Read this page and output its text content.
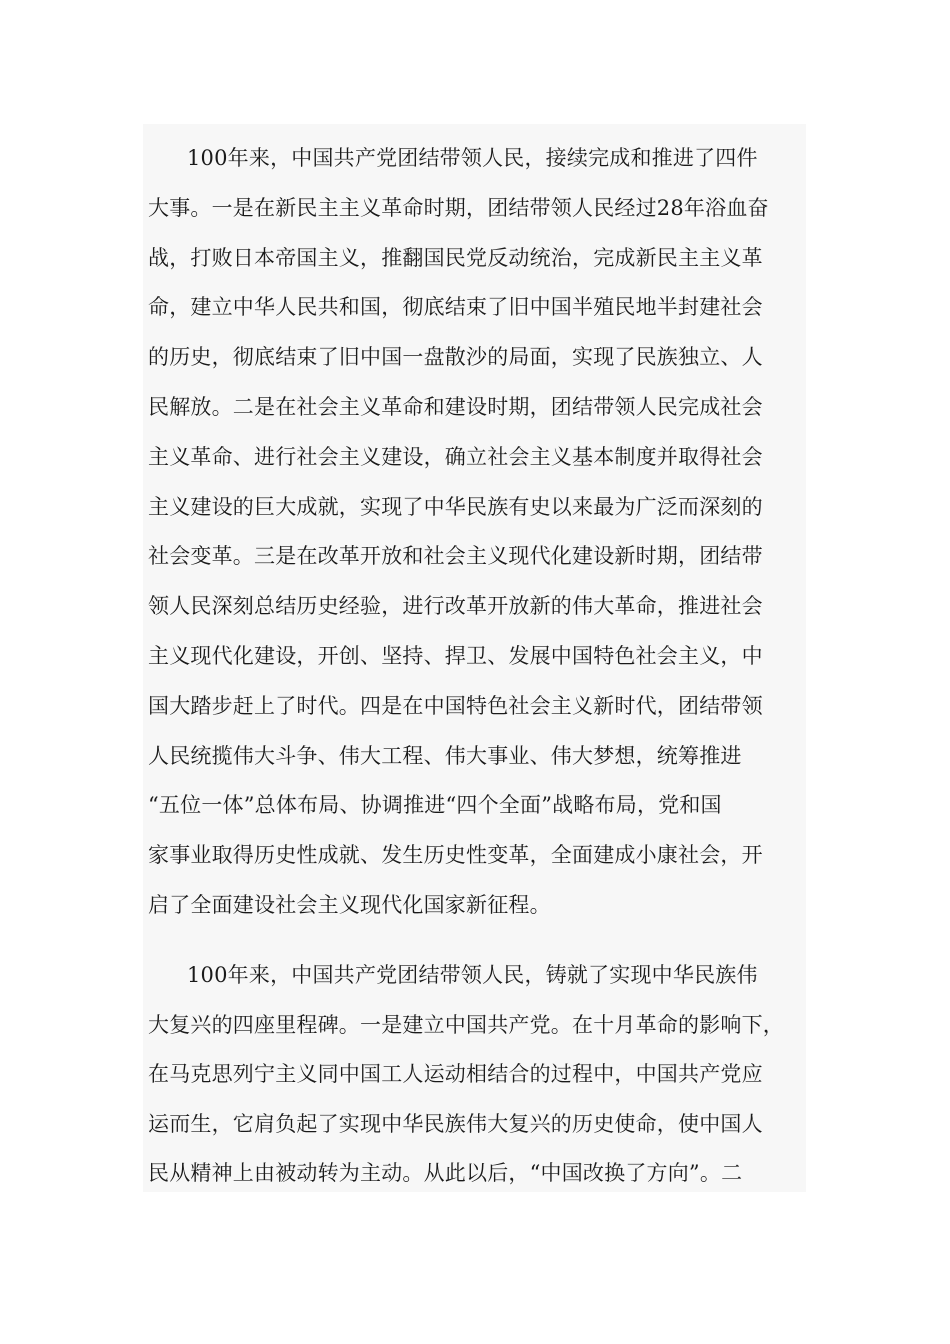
100年来，中国共产党团结带领人民，接续完成和推进了四件
大事。一是在新民主主义革命时期，团结带领人民经过28年浴血奋
战，打败日本帝国主义，推翻国民党反动统治，完成新民主主义革
命，建立中华人民共和国，彻底结束了旧中国半殖民地半封建社会
的历史，彻底结束了旧中国一盘散沙的局面，实现了民族独立、人
民解放。二是在社会主义革命和建设时期，团结带领人民完成社会
主义革命、进行社会主义建设，确立社会主义基本制度并取得社会
主义建设的巨大成就，实现了中华民族有史以来最为广泛而深刻的
社会变革。三是在改革开放和社会主义现代化建设新时期，团结带
领人民深刻总结历史经验，进行改革开放新的伟大革命，推进社会
主义现代化建设，开创、坚持、捍卫、发展中国特色社会主义，中
国大踏步赶上了时代。四是在中国特色社会主义新时代，团结带领
人民统揽伟大斗争、伟大工程、伟大事业、伟大梦想，统筹推进
“五位一体”总体布局、协调推进“四个全面”战略布局，党和国
家事业取得历史性成就、发生历史性变革，全面建成小康社会，开
启了全面建设社会主义现代化国家新征程。
100年来，中国共产党团结带领人民，铸就了实现中华民族伟
大复兴的四座里程碑。一是建立中国共产党。在十月革命的影响下，
在马克思列宁主义同中国工人运动相结合的过程中，中国共产党应
运而生，它肩负起了实现中华民族伟大复兴的历史使命，使中国人
民从精神上由被动转为主动。从此以后，“中国改换了方向”。二
